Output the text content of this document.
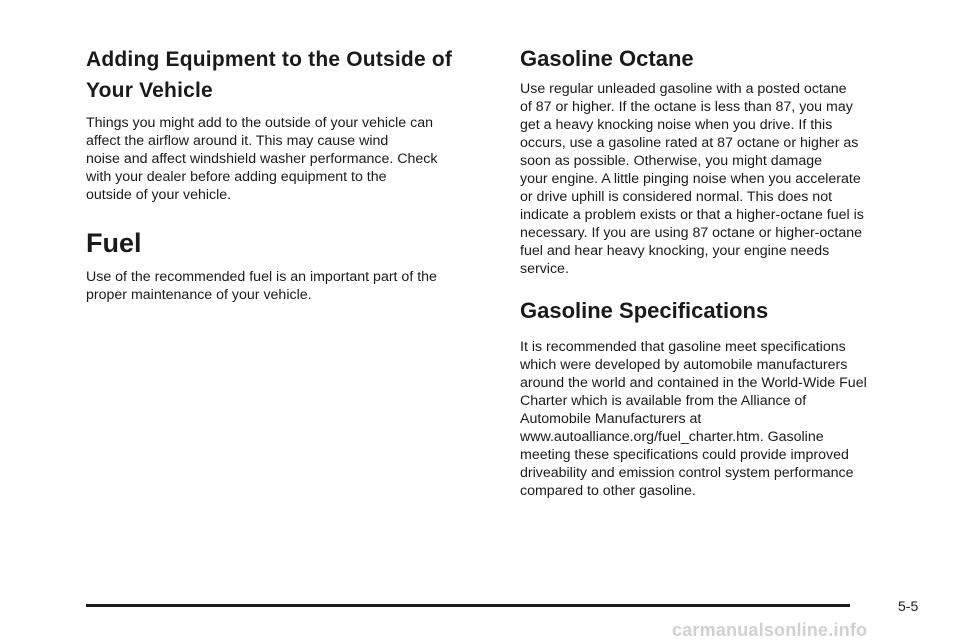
Adding Equipment to the Outside of
Your Vehicle

Things you might add to the outside of your vehicle can
affect the airflow around it. This may cause wind
noise and affect windshield washer performance. Check
with your dealer before adding equipment to the
outside of your vehicle.

Fuel

Use of the recommended fuel is an important part of the
proper maintenance of your vehicle.

Gasoline Octane

Use regular unleaded gasoline with a posted octane
of 87 or higher. If the octane is less than 87, you may
get a heavy knocking noise when you drive. If this
occurs, use a gasoline rated at 87 octane or higher as
soon as possible. Otherwise, you might damage
your engine. A little pinging noise when you accelerate
or drive uphill is considered normal. This does not
indicate a problem exists or that a higher-octane fuel is
necessary. If you are using 87 octane or higher-octane
fuel and hear heavy knocking, your engine needs
service.

Gasoline Specifications

It is recommended that gasoline meet specifications
which were developed by automobile manufacturers
around the world and contained in the World-Wide Fuel
Charter which is available from the Alliance of
Automobile Manufacturers at
www.autoalliance.org/fuel_charter.htm. Gasoline
meeting these specifications could provide improved
driveability and emission control system performance
compared to other gasoline.

5-5
carmanualsonline.info
